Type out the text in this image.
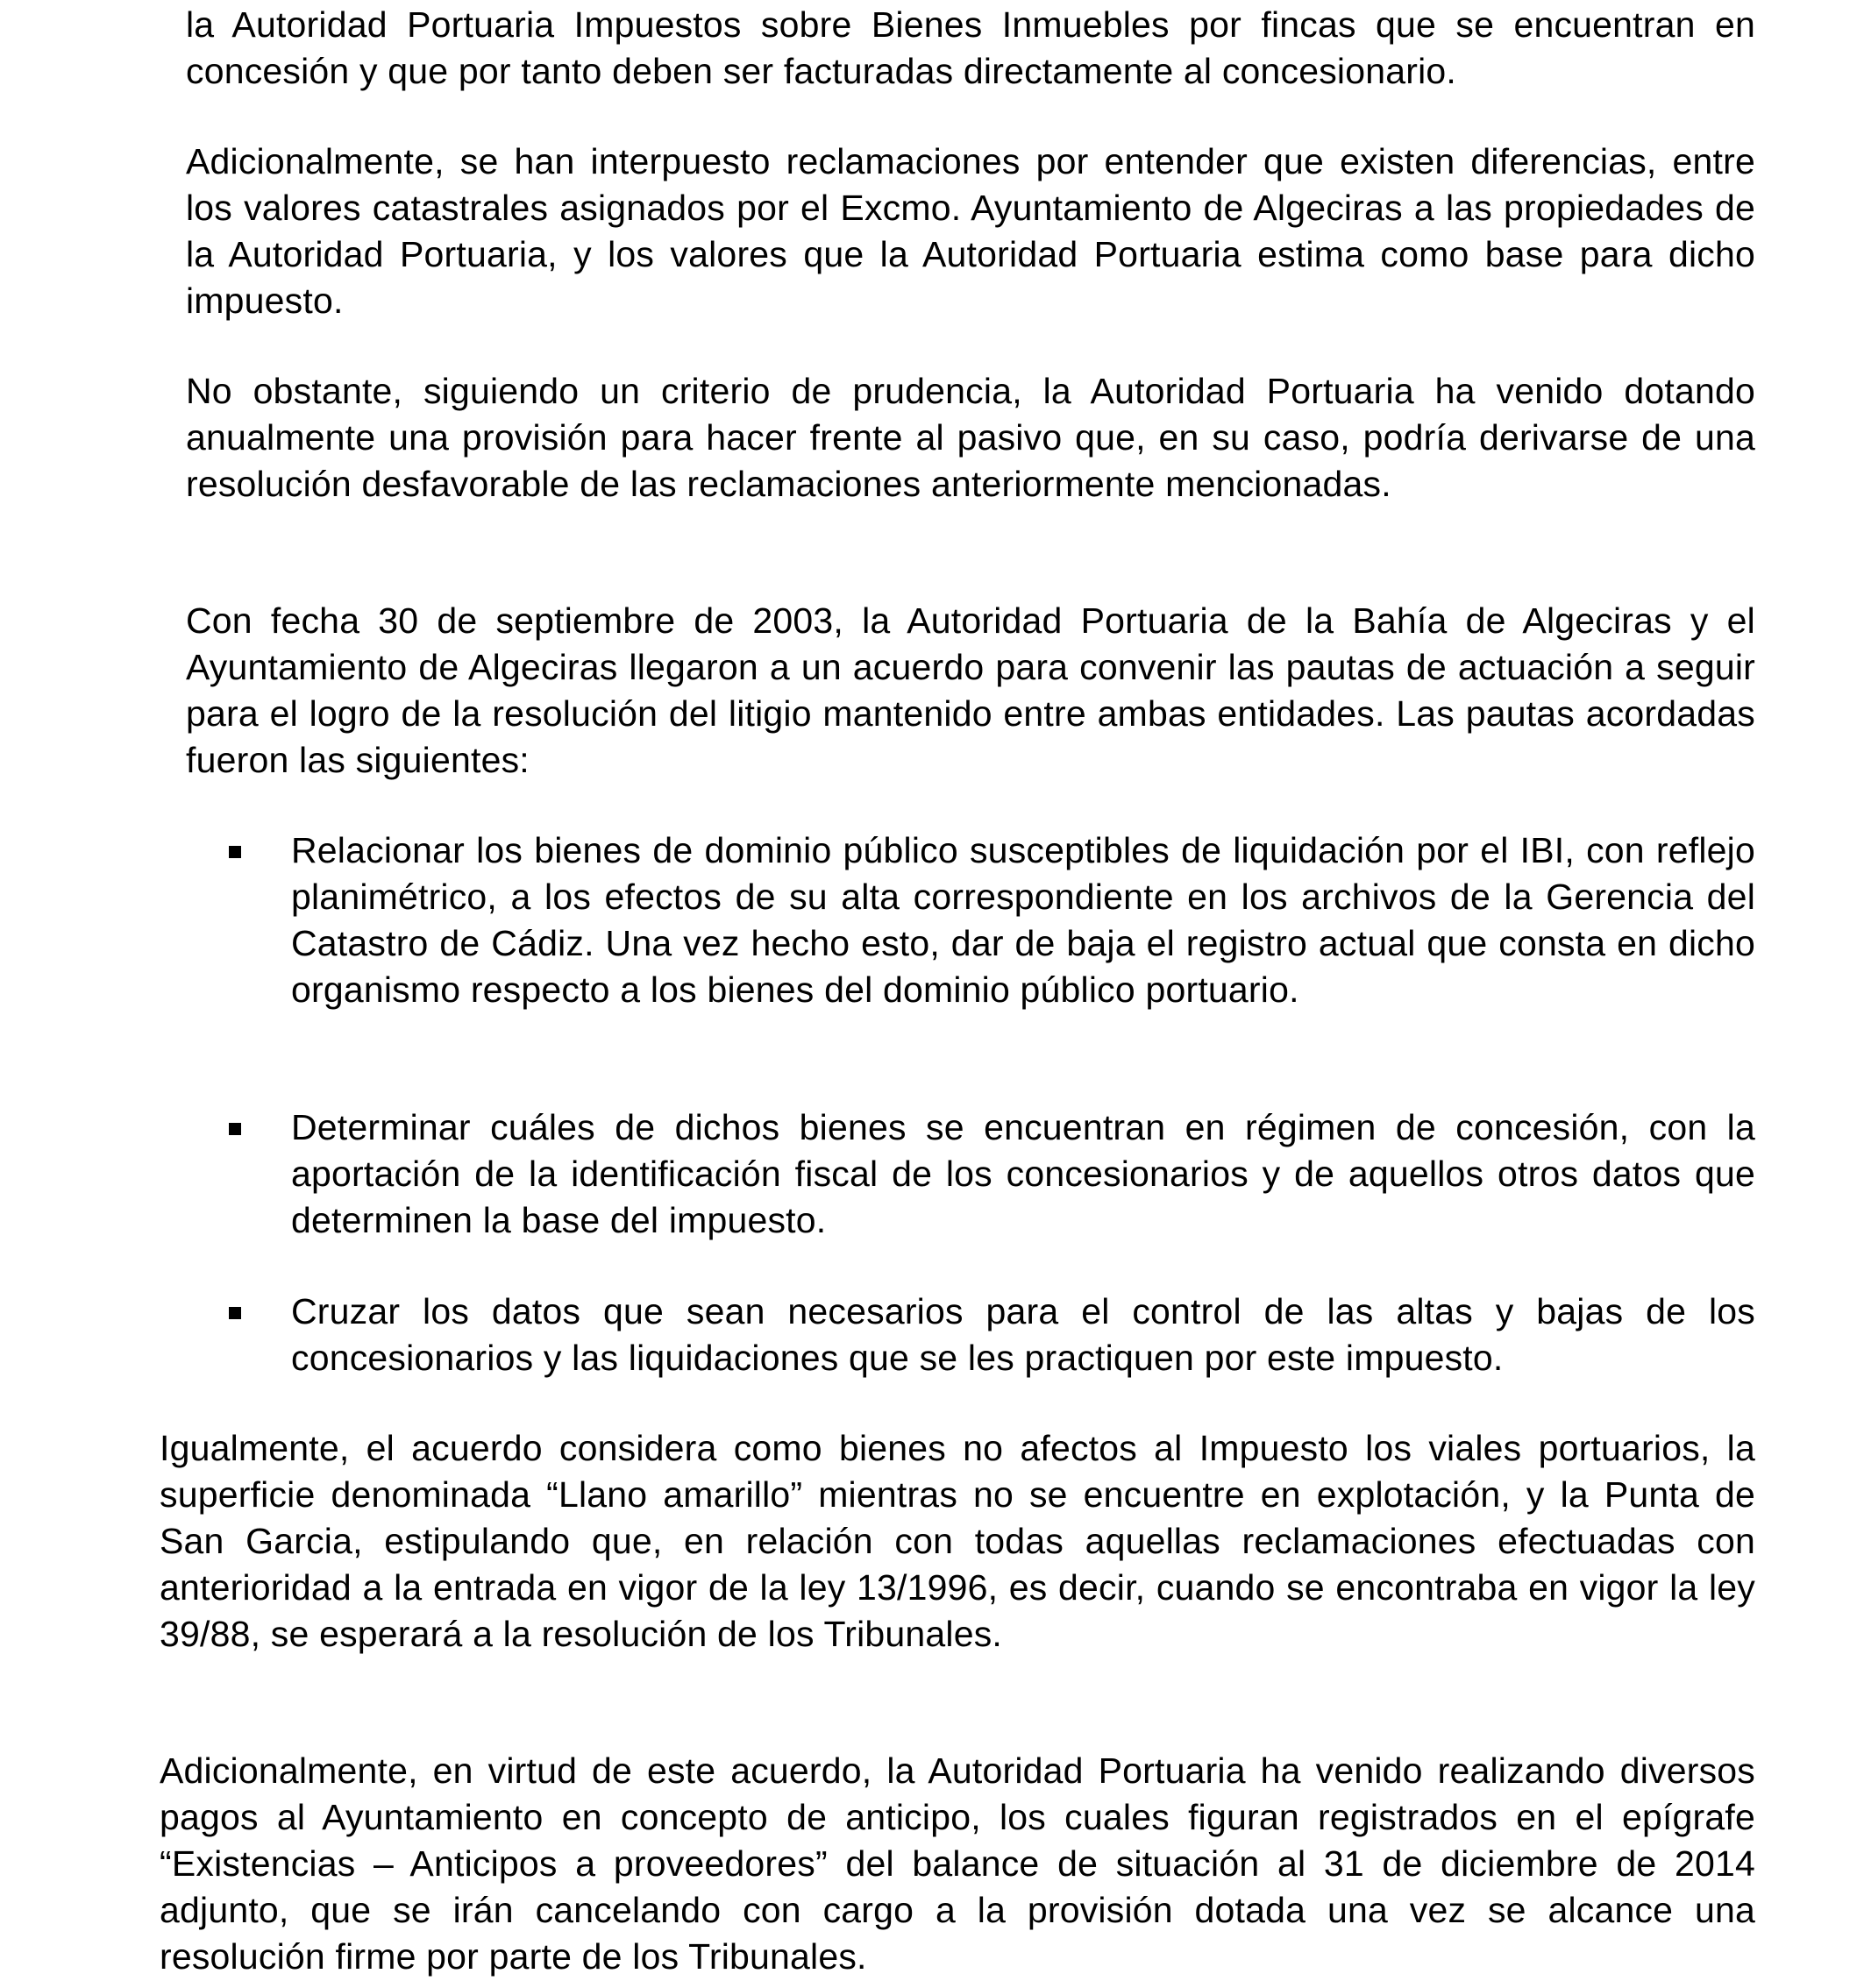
la Autoridad Portuaria Impuestos sobre Bienes Inmuebles por fincas que se encuentran en concesión y que por tanto deben ser facturadas directamente al concesionario.

Adicionalmente, se han interpuesto reclamaciones por entender que existen diferencias, entre los valores catastrales asignados por el Excmo. Ayuntamiento de Algeciras a las propiedades de la Autoridad Portuaria, y los valores que la Autoridad Portuaria estima como base para dicho impuesto.

No obstante, siguiendo un criterio de prudencia, la Autoridad Portuaria ha venido dotando anualmente una provisión para hacer frente al pasivo que, en su caso, podría derivarse de una resolución desfavorable de las reclamaciones anteriormente mencionadas.

Con fecha 30 de septiembre de 2003, la Autoridad Portuaria de la Bahía de Algeciras y el Ayuntamiento de Algeciras llegaron a un acuerdo para convenir las pautas de actuación a seguir para el logro de la resolución del litigio mantenido entre ambas entidades. Las pautas acordadas fueron las siguientes:

Relacionar los bienes de dominio público susceptibles de liquidación por el IBI, con reflejo planimétrico, a los efectos de su alta correspondiente en los archivos de la Gerencia del Catastro de Cádiz. Una vez hecho esto, dar de baja el registro actual que consta en dicho organismo respecto a los bienes del dominio público portuario.

Determinar cuáles de dichos bienes se encuentran en régimen de concesión, con la aportación de la identificación fiscal de los concesionarios y de aquellos otros datos que determinen la base del impuesto.

Cruzar los datos que sean necesarios para el control de las altas y bajas de los concesionarios y las liquidaciones que se les practiquen por este impuesto.

Igualmente, el acuerdo considera como bienes no afectos al Impuesto los viales portuarios, la superficie denominada “Llano amarillo” mientras no se encuentre en explotación, y la Punta de San Garcia, estipulando que, en relación con todas aquellas reclamaciones efectuadas con anterioridad a la entrada en vigor de la ley 13/1996, es decir, cuando se encontraba en vigor la ley 39/88, se esperará a la resolución de los Tribunales.

Adicionalmente, en virtud de este acuerdo, la Autoridad Portuaria ha venido realizando diversos pagos al Ayuntamiento en concepto de anticipo, los cuales figuran registrados en el epígrafe “Existencias – Anticipos a proveedores” del balance de situación al 31 de diciembre de 2014 adjunto, que se irán cancelando con cargo a la provisión dotada una vez se alcance una resolución firme por parte de los Tribunales.
